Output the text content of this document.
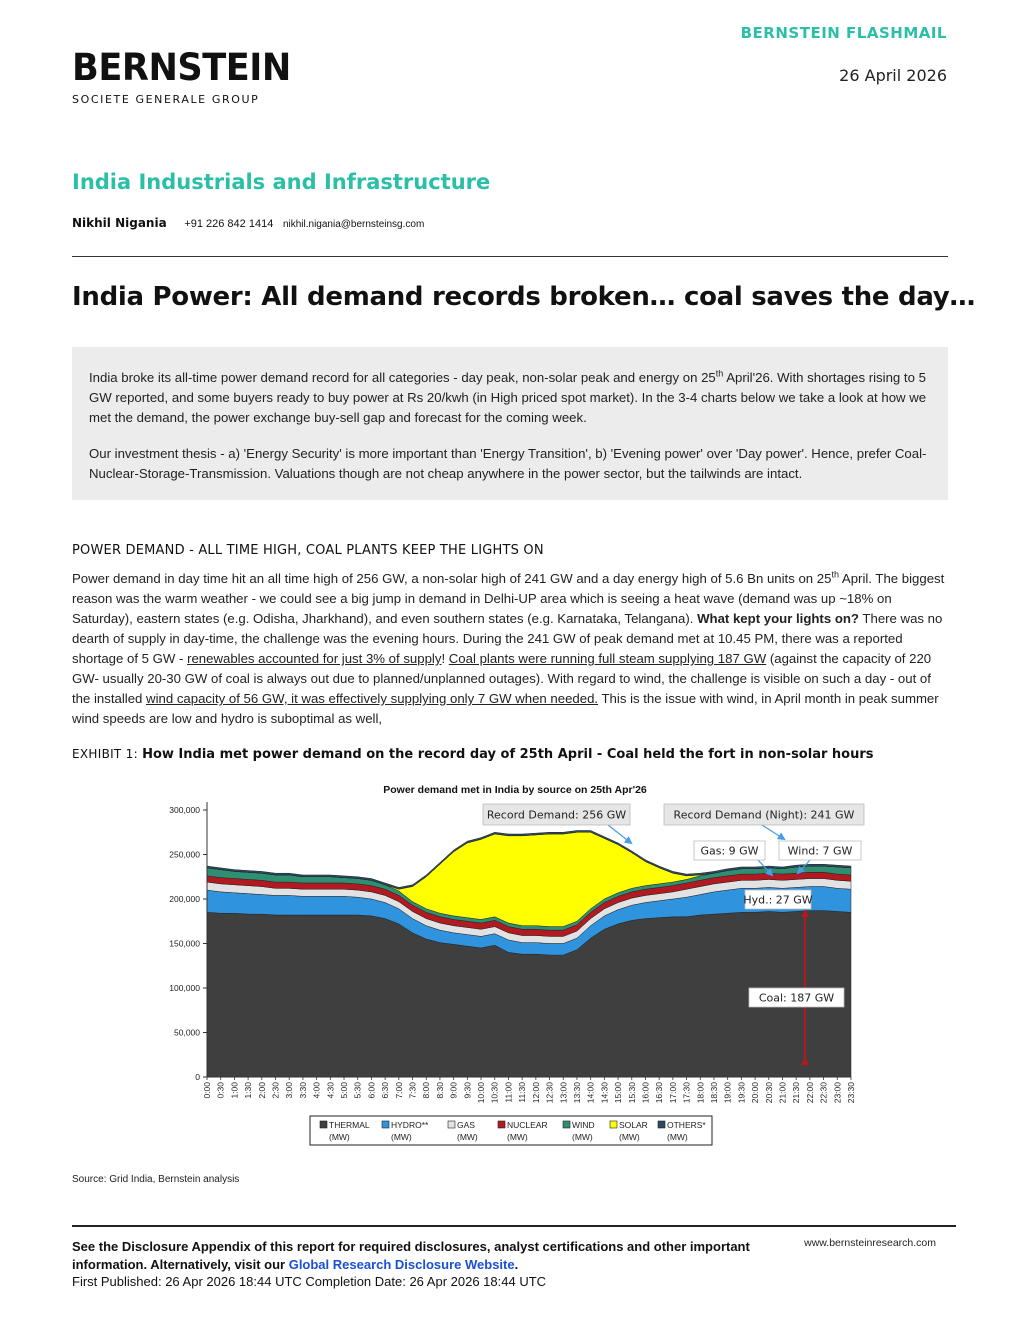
BERNSTEIN FLASHMAIL
26 April 2026
BERNSTEIN
SOCIETE GENERALE GROUP
India Industrials and Infrastructure
Nikhil Nigania +91 226 842 1414 nikhil.nigania@bernsteinsg.com
India Power: All demand records broken… coal saves the day…

India broke its all-time power demand record for all categories - day peak, non-solar peak and energy on 25th April'26. With shortages rising to 5 GW reported, and some buyers ready to buy power at Rs 20/kwh (in High priced spot market). In the 3-4 charts below we take a look at how we met the demand, the power exchange buy-sell gap and forecast for the coming week.

Our investment thesis - a) 'Energy Security' is more important than 'Energy Transition', b) 'Evening power' over 'Day power'. Hence, prefer Coal-Nuclear-Storage-Transmission. Valuations though are not cheap anywhere in the power sector, but the tailwinds are intact.

POWER DEMAND - ALL TIME HIGH, COAL PLANTS KEEP THE LIGHTS ON

Power demand in day time hit an all time high of 256 GW, a non-solar high of 241 GW and a day energy high of 5.6 Bn units on 25th April. The biggest reason was the warm weather - we could see a big jump in demand in Delhi-UP area which is seeing a heat wave (demand was up ~18% on Saturday), eastern states (e.g. Odisha, Jharkhand), and even southern states (e.g. Karnataka, Telangana). What kept your lights on? There was no dearth of supply in day-time, the challenge was the evening hours. During the 241 GW of peak demand met at 10.45 PM, there was a reported shortage of 5 GW - renewables accounted for just 3% of supply! Coal plants were running full steam supplying 187 GW (against the capacity of 220 GW- usually 20-30 GW of coal is always out due to planned/unplanned outages). With regard to wind, the challenge is visible on such a day - out of the installed wind capacity of 56 GW, it was effectively supplying only 7 GW when needed. This is the issue with wind, in April month in peak summer wind speeds are low and hydro is suboptimal as well,

EXHIBIT 1: How India met power demand on the record day of 25th April - Coal held the fort in non-solar hours
Power demand met in India by source on 25th Apr'26
0
50,000
100,000
150,000
200,000
250,000
300,000
0:00 0:30 1:00 1:30 2:00 2:30 3:00 3:30 4:00 4:30 5:00 5:30 6:00 6:30 7:00 7:30 8:00 8:30 9:00 9:30 10:00 10:30 11:00 11:30 12:00 12:30 13:00 13:30 14:00 14:30 15:00 15:30 16:00 16:30 17:00 17:30 18:00 18:30 19:00 19:30 20:00 20:30 21:00 21:30 22:00 22:30 23:00 23:30
Record Demand: 256 GW	Record Demand (Night): 241 GW
Gas: 9 GW	Wind: 7 GW
Hyd.: 27 GW
Coal: 187 GW
THERMAL
(MW)
HYDRO**
(MW)
GAS
(MW)
NUCLEAR
(MW)
WIND
(MW)
SOLAR
(MW)
OTHERS*
(MW)
Source: Grid India, Bernstein analysis
See the Disclosure Appendix of this report for required disclosures, analyst certifications and other important information. Alternatively, visit our Global Research Disclosure Website.
First Published: 26 Apr 2026 18:44 UTC Completion Date: 26 Apr 2026 18:44 UTC
www.bernsteinresearch.com
